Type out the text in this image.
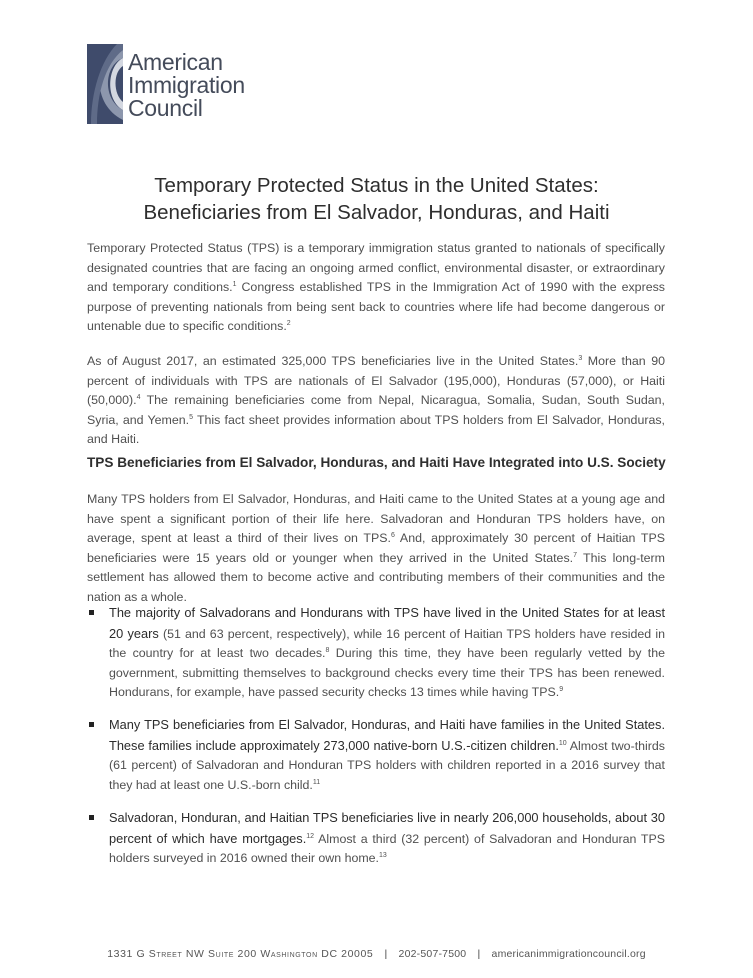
American
Immigration
Council
Temporary Protected Status in the United States:
Beneficiaries from El Salvador, Honduras, and Haiti
Temporary Protected Status (TPS) is a temporary immigration status granted to nationals of specifically designated countries that are facing an ongoing armed conflict, environmental disaster, or extraordinary and temporary conditions.$^1$ Congress established TPS in the Immigration Act of 1990 with the express purpose of preventing nationals from being sent back to countries where life had become dangerous or untenable due to specific conditions.$^2$
As of August 2017, an estimated 325,000 TPS beneficiaries live in the United States.$^3$ More than 90 percent of individuals with TPS are nationals of El Salvador (195,000), Honduras (57,000), or Haiti (50,000).$^4$ The remaining beneficiaries come from Nepal, Nicaragua, Somalia, Sudan, South Sudan, Syria, and Yemen.$^5$ This fact sheet provides information about TPS holders from El Salvador, Honduras, and Haiti.
TPS Beneficiaries from El Salvador, Honduras, and Haiti Have Integrated into U.S. Society
Many TPS holders from El Salvador, Honduras, and Haiti came to the United States at a young age and have spent a significant portion of their life here. Salvadoran and Honduran TPS holders have, on average, spent at least a third of their lives on TPS.$^6$ And, approximately 30 percent of Haitian TPS beneficiaries were 15 years old or younger when they arrived in the United States.$^7$ This long-term settlement has allowed them to become active and contributing members of their communities and the nation as a whole.
The majority of Salvadorans and Hondurans with TPS have lived in the United States for at least 20 years (51 and 63 percent, respectively), while 16 percent of Haitian TPS holders have resided in the country for at least two decades.$^8$ During this time, they have been regularly vetted by the government, submitting themselves to background checks every time their TPS has been renewed. Hondurans, for example, have passed security checks 13 times while having TPS.$^9$
Many TPS beneficiaries from El Salvador, Honduras, and Haiti have families in the United States. These families include approximately 273,000 native-born U.S.-citizen children.$^{10}$ Almost two-thirds (61 percent) of Salvadoran and Honduran TPS holders with children reported in a 2016 survey that they had at least one U.S.-born child.$^{11}$
Salvadoran, Honduran, and Haitian TPS beneficiaries live in nearly 206,000 households, about 30 percent of which have mortgages.$^{12}$ Almost a third (32 percent) of Salvadoran and Honduran TPS holders surveyed in 2016 owned their own home.$^{13}$
1331 G Street NW Suite 200 Washington DC 20005 | 202-507-7500 | americanimmigrationcouncil.org
